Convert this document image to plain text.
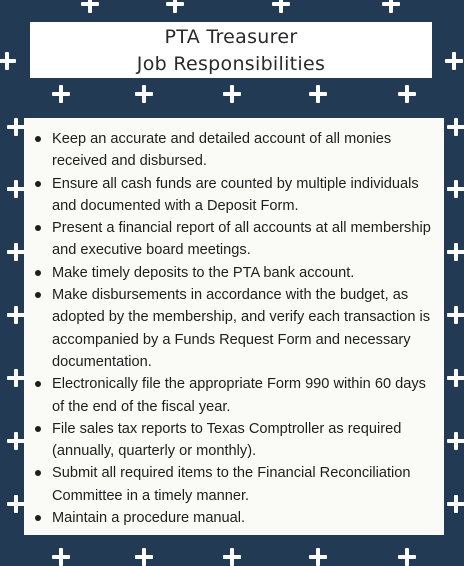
PTA Treasurer
Job Responsibilities
Keep an accurate and detailed account of all monies received and disbursed.
Ensure all cash funds are counted by multiple individuals and documented with a Deposit Form.
Present a financial report of all accounts at all membership and executive board meetings.
Make timely deposits to the PTA bank account.
Make disbursements in accordance with the budget, as adopted by the membership, and verify each transaction is accompanied by a Funds Request Form and necessary documentation.
Electronically file the appropriate Form 990 within 60 days of the end of the fiscal year.
File sales tax reports to Texas Comptroller as required (annually, quarterly or monthly).
Submit all required items to the Financial Reconciliation Committee in a timely manner.
Maintain a procedure manual.
